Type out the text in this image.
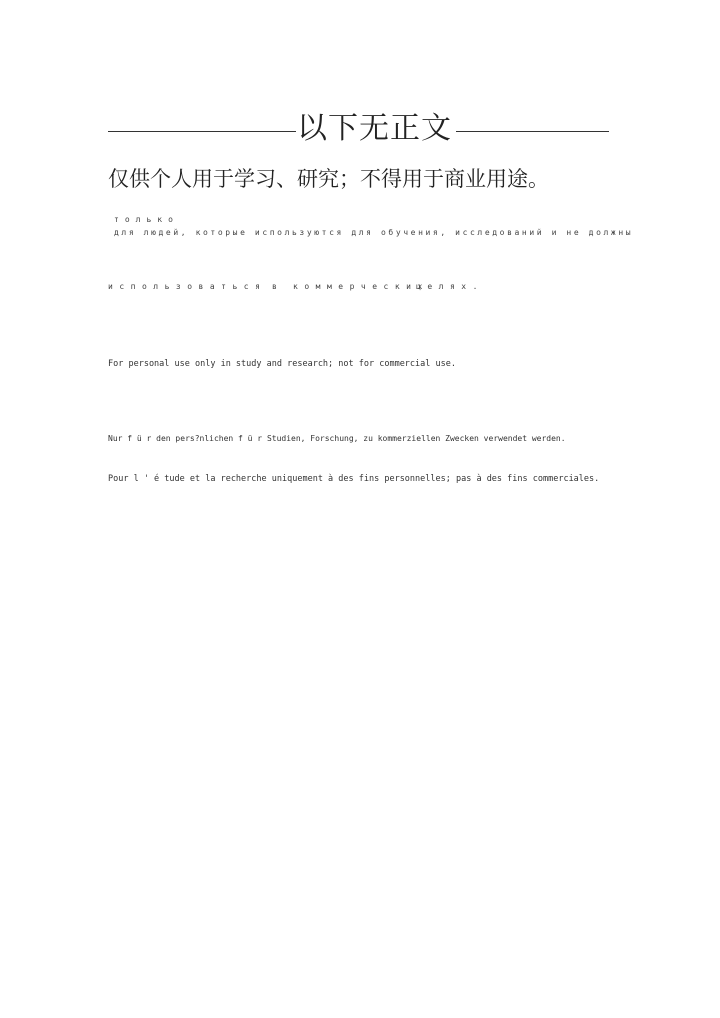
以下无正文
仅供个人用于学习、研究；不得用于商业用途。
только
для людей, которые используются для обучения, исследований и не должны
использоваться в коммерческих
целях.
For personal use only in study and research; not for commercial use.
Nur f ü r den pers?nlichen f ü r Studien, Forschung, zu kommerziellen Zwecken verwendet werden.
Pour l ' é tude et la recherche uniquement à des fins personnelles; pas à des fins commerciales.
